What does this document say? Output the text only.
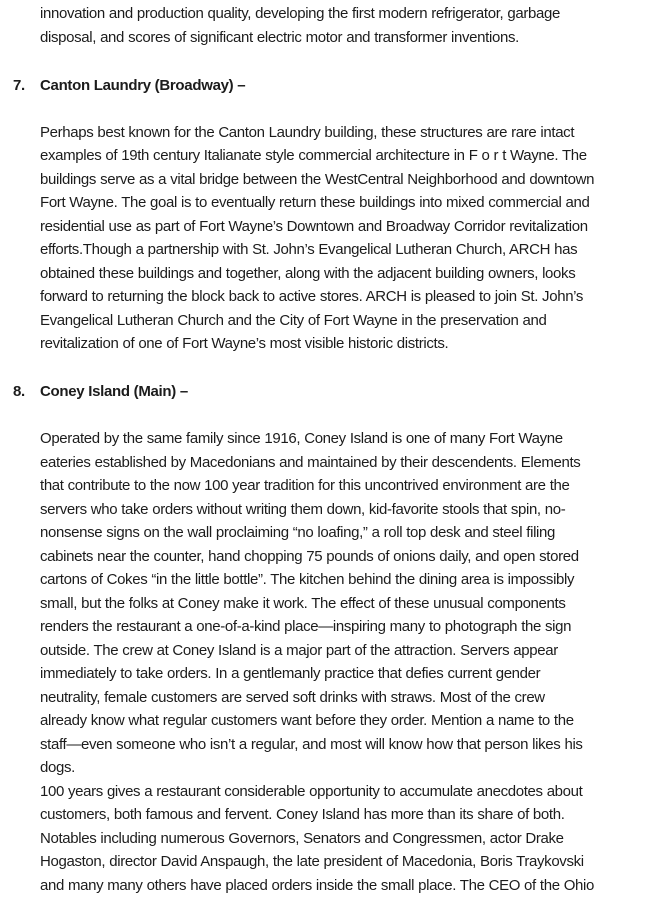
innovation and production quality, developing the first modern refrigerator, garbage
disposal, and scores of significant electric motor and transformer inventions.
7. Canton Laundry (Broadway) –
Perhaps best known for the Canton Laundry building, these structures are rare intact
examples of 19th century Italianate style commercial architecture in F o r t Wayne. The
buildings serve as a vital bridge between the WestCentral Neighborhood and downtown
Fort Wayne. The goal is to eventually return these buildings into mixed commercial and
residential use as part of Fort Wayne’s Downtown and Broadway Corridor revitalization
efforts.Though a partnership with St. John’s Evangelical Lutheran Church, ARCH has
obtained these buildings and together, along with the adjacent building owners, looks
forward to returning the block back to active stores. ARCH is pleased to join St. John’s
Evangelical Lutheran Church and the City of Fort Wayne in the preservation and
revitalization of one of Fort Wayne’s most visible historic districts.
8. Coney Island (Main) –
Operated by the same family since 1916, Coney Island is one of many Fort Wayne
eateries established by Macedonians and maintained by their descendents. Elements
that contribute to the now 100 year tradition for this uncontrived environment are the
servers who take orders without writing them down, kid-favorite stools that spin, no-
nonsense signs on the wall proclaiming “no loafing,” a roll top desk and steel filing
cabinets near the counter, hand chopping 75 pounds of onions daily, and open stored
cartons of Cokes “in the little bottle”. The kitchen behind the dining area is impossibly
small, but the folks at Coney make it work. The effect of these unusual components
renders the restaurant a one-of-a-kind place—inspiring many to photograph the sign
outside. The crew at Coney Island is a major part of the attraction. Servers appear
immediately to take orders. In a gentlemanly practice that defies current gender
neutrality, female customers are served soft drinks with straws. Most of the crew
already know what regular customers want before they order. Mention a name to the
staff—even someone who isn’t a regular, and most will know how that person likes his
dogs.
100 years gives a restaurant considerable opportunity to accumulate anecdotes about
customers, both famous and fervent. Coney Island has more than its share of both.
Notables including numerous Governors, Senators and Congressmen, actor Drake
Hogaston, director David Anspaugh, the late president of Macedonia, Boris Traykovski
and many many others have placed orders inside the small place. The CEO of the Ohio
